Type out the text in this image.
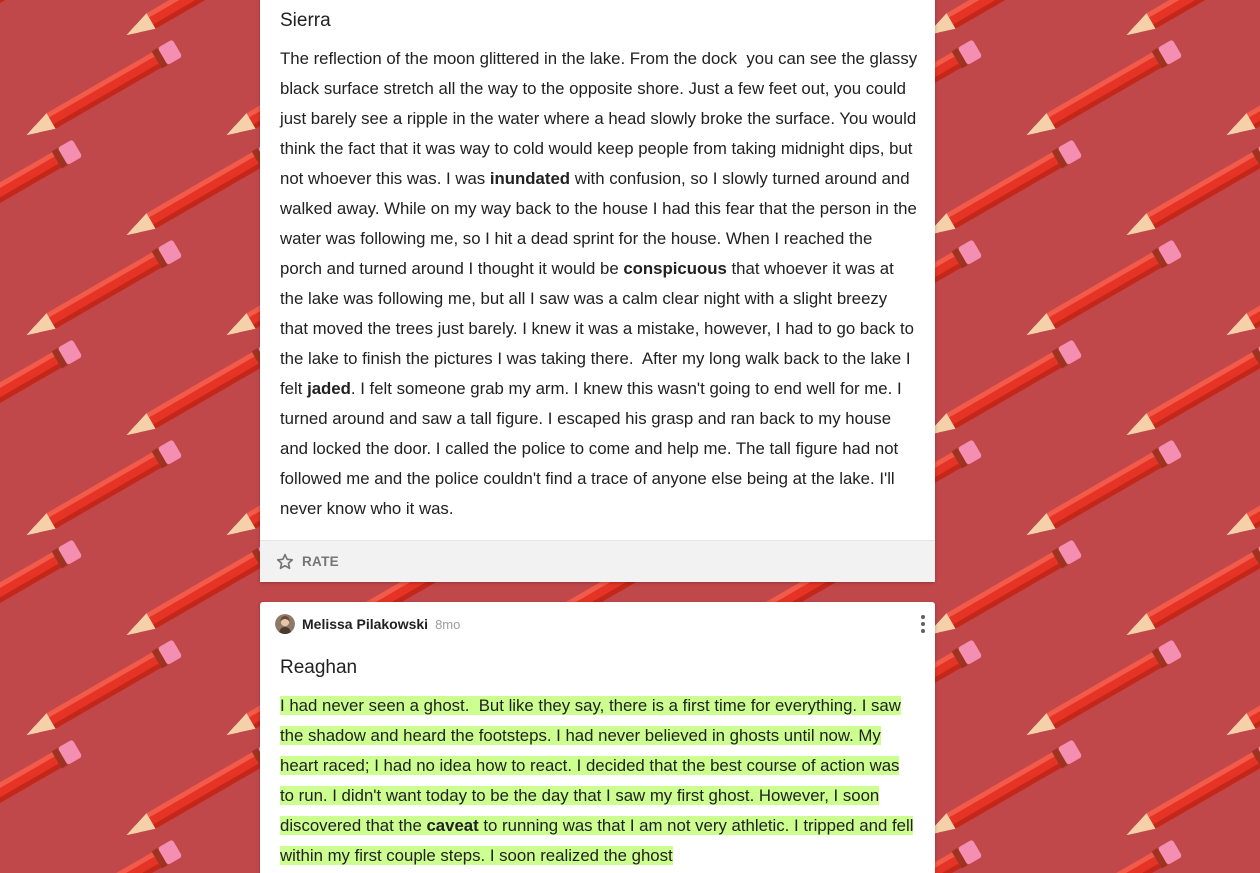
Sierra

The reflection of the moon glittered in the lake. From the dock  you can see the glassy black surface stretch all the way to the opposite shore. Just a few feet out, you could just barely see a ripple in the water where a head slowly broke the surface. You would think the fact that it was way to cold would keep people from taking midnight dips, but not whoever this was. I was inundated with confusion, so I slowly turned around and walked away. While on my way back to the house I had this fear that the person in the water was following me, so I hit a dead sprint for the house. When I reached the porch and turned around I thought it would be conspicuous that whoever it was at the lake was following me, but all I saw was a calm clear night with a slight breezy that moved the trees just barely. I knew it was a mistake, however, I had to go back to the lake to finish the pictures I was taking there.  After my long walk back to the lake I felt jaded. I felt someone grab my arm. I knew this wasn't going to end well for me. I turned around and saw a tall figure. I escaped his grasp and ran back to my house and locked the door. I called the police to come and help me. The tall figure had not followed me and the police couldn't find a trace of anyone else being at the lake. I'll never know who it was.

RATE
Melissa Pilakowski 8mo
Reaghan

I had never seen a ghost.  But like they say, there is a first time for everything. I saw the shadow and heard the footsteps. I had never believed in ghosts until now. My heart raced; I had no idea how to react. I decided that the best course of action was to run. I didn't want today to be the day that I saw my first ghost. However, I soon discovered that the caveat to running was that I am not very athletic. I tripped and fell within my first couple steps. I soon realized the ghost
